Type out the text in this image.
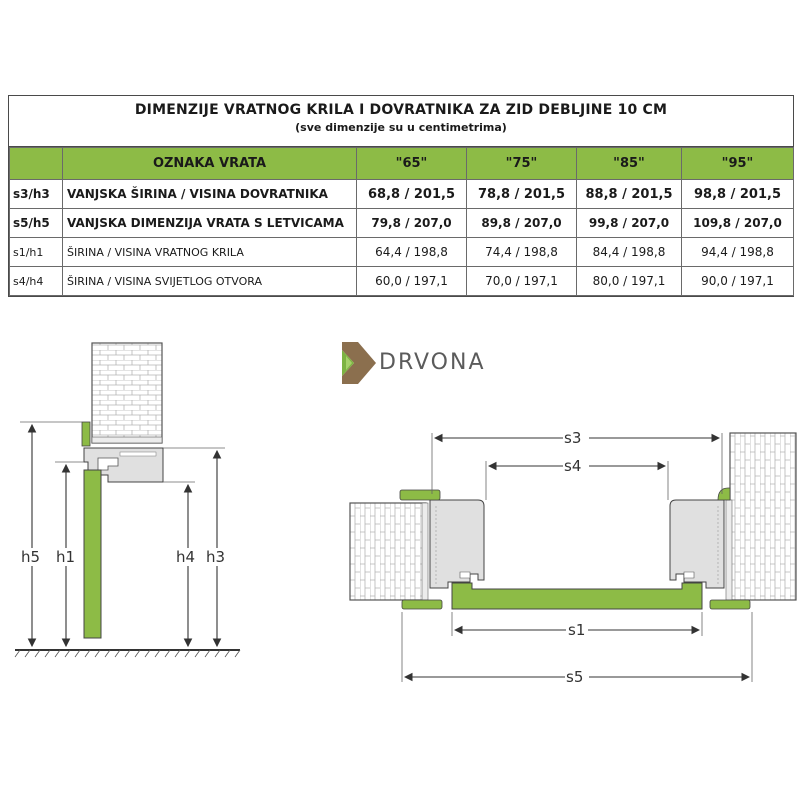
DIMENZIJE VRATNOG KRILA I DOVRATNIKA ZA ZID DEBLJINE 10 CM
(sve dimenzije su u centimetrima)
	OZNAKA VRATA	"65"	"75"	"85"	"95"
s3/h3	VANJSKA ŠIRINA / VISINA DOVRATNIKA	68,8 / 201,5	78,8 / 201,5	88,8 / 201,5	98,8 / 201,5
s5/h5	VANJSKA DIMENZIJA VRATA S LETVICAMA	79,8 / 207,0	89,8 / 207,0	99,8 / 207,0	109,8 / 207,0
s1/h1	ŠIRINA / VISINA VRATNOG KRILA	64,4 / 198,8	74,4 / 198,8	84,4 / 198,8	94,4 / 198,8
s4/h4	ŠIRINA / VISINA SVIJETLOG OTVORA	60,0 / 197,1	70,0 / 197,1	80,0 / 197,1	90,0 / 197,1
DRVONA
h5 h1	h4 h3
s3
s4
s1
s5
